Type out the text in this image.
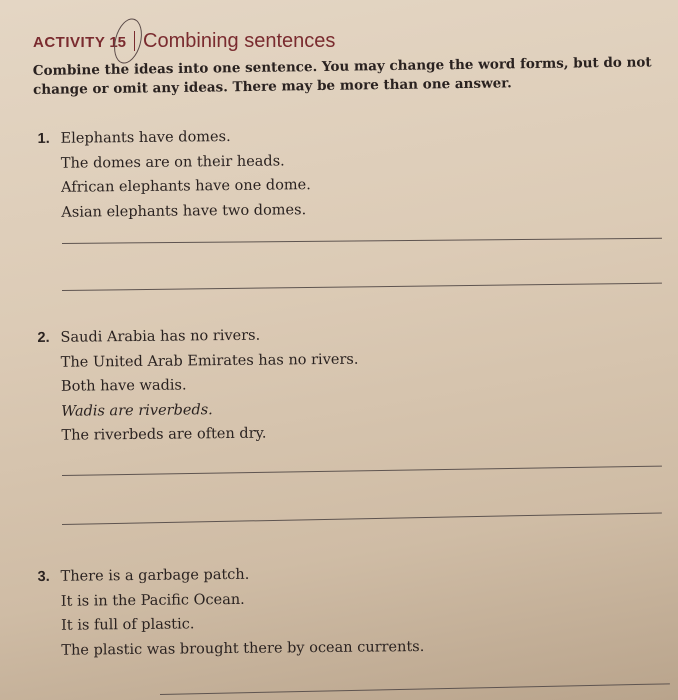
ACTIVITY 15 Combining sentences
Combine the ideas into one sentence. You may change the word forms, but do not change or omit any ideas. There may be more than one answer.
1. Elephants have domes.
The domes are on their heads.
African elephants have one dome.
Asian elephants have two domes.
2. Saudi Arabia has no rivers.
The United Arab Emirates has no rivers.
Both have wadis.
Wadis are riverbeds.
The riverbeds are often dry.
3. There is a garbage patch.
It is in the Pacific Ocean.
It is full of plastic.
The plastic was brought there by ocean currents.
